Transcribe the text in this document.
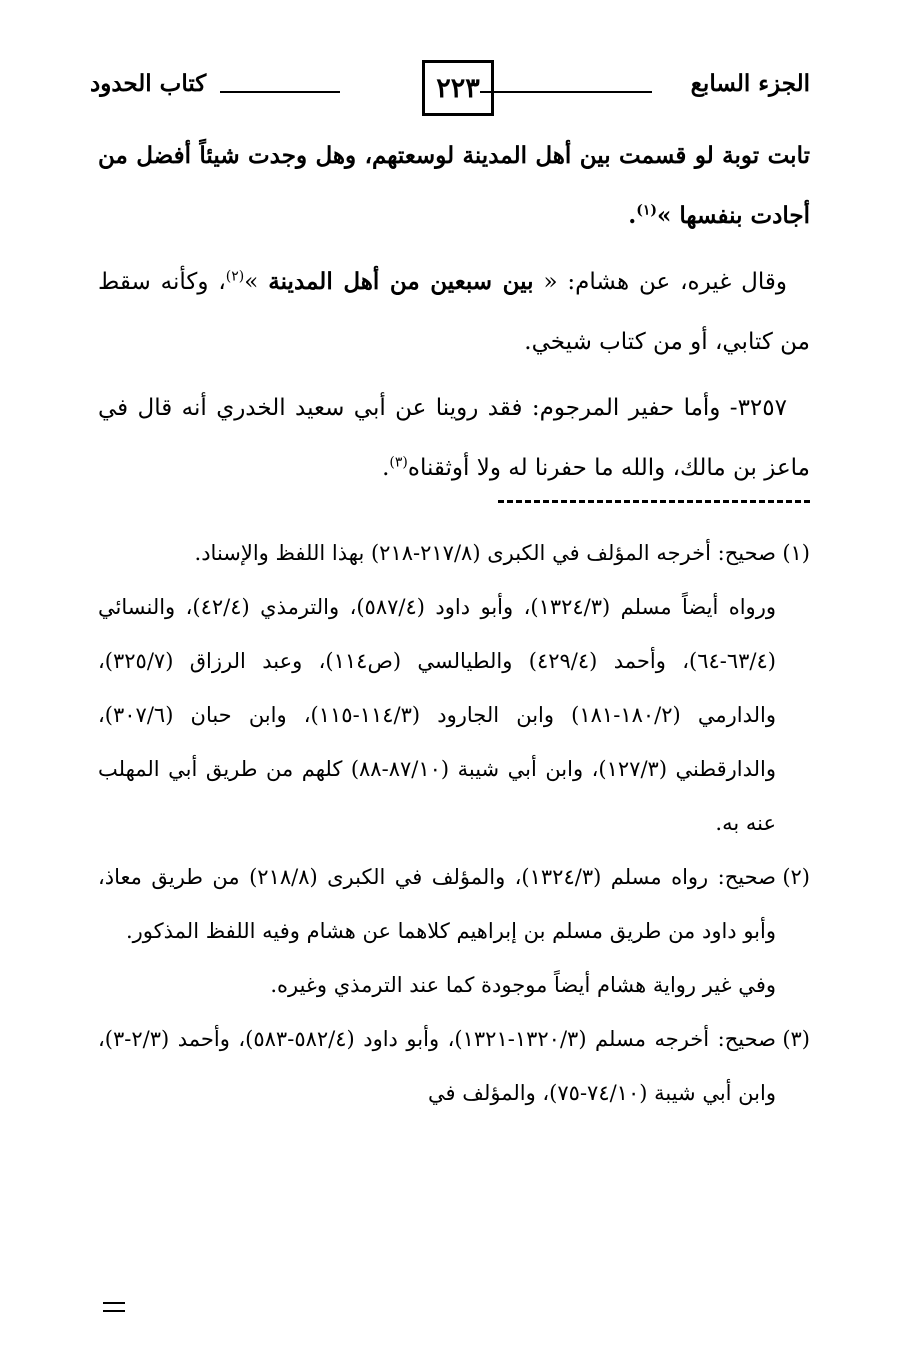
الجزء السابع
٢٢٣
كتاب الحدود

تابت توبة لو قسمت بين أهل المدينة لوسعتهم، وهل وجدت شيئاً أفضل من أجادت بنفسها »$^{(١)}$.

 وقال غيره، عن هشام: « بين سبعين من أهل المدينة »$^{(٢)}$، وكأنه سقط من كتابي، أو من كتاب شيخي.

 ٣٢٥٧- وأما حفير المرجوم: فقد روينا عن أبي سعيد الخدري أنه قال في ماعز بن مالك، والله ما حفرنا له ولا أوثقناه$^{(٣)}$.

(١)
صحيح: أخرجه المؤلف في الكبرى (٢١٧/٨-٢١٨) بهذا اللفظ والإسناد.

ورواه أيضاً مسلم (١٣٢٤/٣)، وأبو داود (٥٨٧/٤)، والترمذي (٤٢/٤)، والنسائي (٦٣/٤-٦٤)، وأحمد (٤٢٩/٤) والطيالسي (ص١١٤)، وعبد الرزاق (٣٢٥/٧)، والدارمي (١٨٠/٢-١٨١) وابن الجارود (١١٤/٣-١١٥)، وابن حبان (٣٠٧/٦)، والدارقطني (١٢٧/٣)، وابن أبي شيبة (٨٧/١٠-٨٨) كلهم من طريق أبي المهلب عنه به.

(٢)
صحيح: رواه مسلم (١٣٢٤/٣)، والمؤلف في الكبرى (٢١٨/٨) من طريق معاذ، وأبو داود من طريق مسلم بن إبراهيم كلاهما عن هشام وفيه اللفظ المذكور.

وفي غير رواية هشام أيضاً موجودة كما عند الترمذي وغيره.

(٣)
صحيح: أخرجه مسلم (١٣٢٠/٣-١٣٢١)، وأبو داود (٥٨٢/٤-٥٨٣)، وأحمد (٢/٣-٣)، وابن أبي شيبة (٧٤/١٠-٧٥)، والمؤلف في
